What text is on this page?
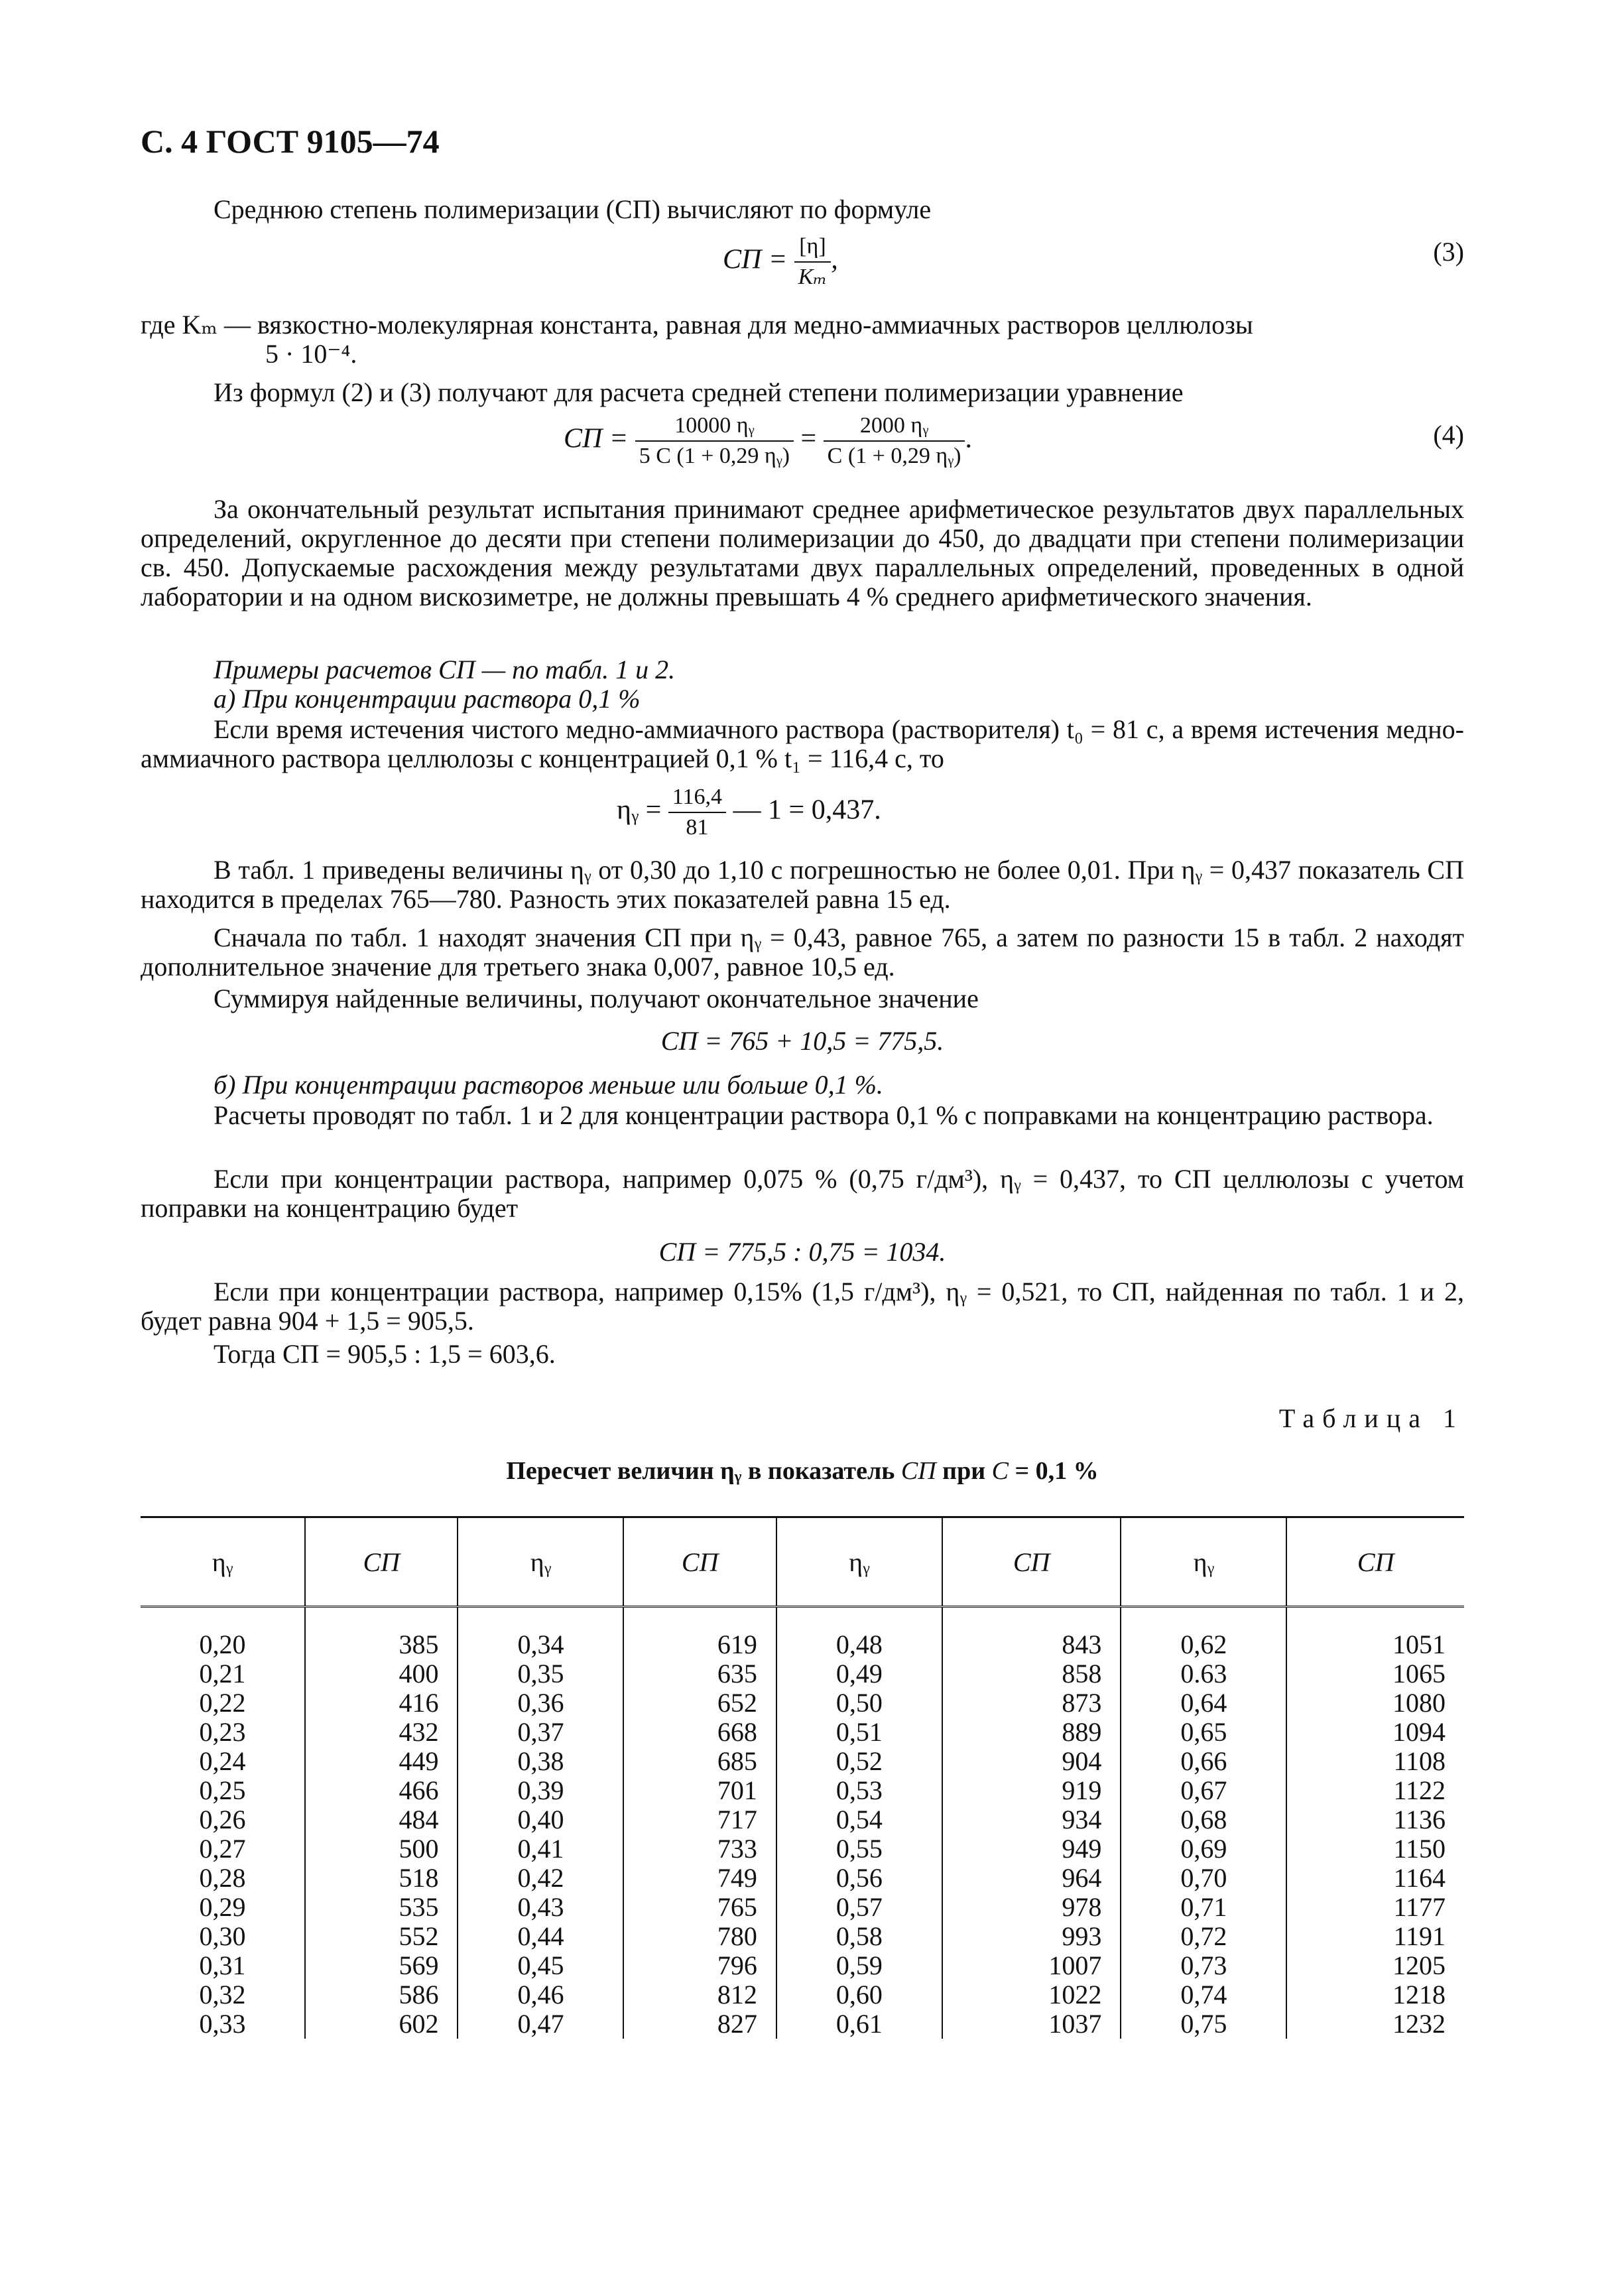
С. 4 ГОСТ 9105—74
Среднюю степень полимеризации (СП) вычисляют по формуле
СП = $\frac{[\eta]}{\text{Kₘ}}$ ,	(3)
где Kₘ — вязкостно-молекулярная константа, равная для медно-аммиачных растворов целлюлозы
5 · 10⁻⁴.
Из формул (2) и (3) получают для расчета средней степени полимеризации уравнение
СП = $\frac{\text{10000 ηᵧ}}{\text{5 C (1 + 0,29 ηᵧ)}} = \frac{\text{2000 ηᵧ}}{\text{C (1 + 0,29 ηᵧ)}}$ .	(4)
За окончательный результат испытания принимают среднее арифметическое результатов двух параллельных определений, округленное до десяти при степени полимеризации до 450, до двадцати при степени полимеризации св. 450. Допускаемые расхождения между результатами двух параллельных определений, проведенных в одной лаборатории и на одном вискозиметре, не должны превышать 4 % среднего арифметического значения.
Примеры расчетов СП — по табл. 1 и 2.
а) При концентрации раствора 0,1 %
Если время истечения чистого медно-аммиачного раствора (растворителя) t₀ = 81 с, а время истечения медно-аммиачного раствора целлюлозы с концентрацией 0,1 % t₁ = 116,4 с, то
ηᵧ = $\frac{116,4}{81}$ — 1 = 0,437.
В табл. 1 приведены величины ηᵧ от 0,30 до 1,10 с погрешностью не более 0,01. При ηᵧ = 0,437 показатель СП находится в пределах 765—780. Разность этих показателей равна 15 ед.
Сначала по табл. 1 находят значения СП при ηᵧ = 0,43, равное 765, а затем по разности 15 в табл. 2 находят дополнительное значение для третьего знака 0,007, равное 10,5 ед.
Суммируя найденные величины, получают окончательное значение
СП = 765 + 10,5 = 775,5.
б) При концентрации растворов меньше или больше 0,1 %.
Расчеты проводят по табл. 1 и 2 для концентрации раствора 0,1 % с поправками на концентрацию раствора.
Если при концентрации раствора, например 0,075 % (0,75 г/дм³), ηᵧ = 0,437, то СП целлюлозы с учетом поправки на концентрацию будет
СП = 775,5 : 0,75 = 1034.
Если при концентрации раствора, например 0,15% (1,5 г/дм³), ηᵧ = 0,521, то СП, найденная по табл. 1 и 2, будет равна 904 + 1,5 = 905,5.
Тогда СП = 905,5 : 1,5 = 603,6.
Таблица 1
Пересчет величин ηᵧ в показатель СП при C = 0,1 %
ηᵧ	СП	ηᵧ	СП	ηᵧ	СП	ηᵧ	СП
0,20	385	0,34	619	0,48	843	0,62	1051
0,21	400	0,35	635	0,49	858	0.63	1065
0,22	416	0,36	652	0,50	873	0,64	1080
0,23	432	0,37	668	0,51	889	0,65	1094
0,24	449	0,38	685	0,52	904	0,66	1108
0,25	466	0,39	701	0,53	919	0,67	1122
0,26	484	0,40	717	0,54	934	0,68	1136
0,27	500	0,41	733	0,55	949	0,69	1150
0,28	518	0,42	749	0,56	964	0,70	1164
0,29	535	0,43	765	0,57	978	0,71	1177
0,30	552	0,44	780	0,58	993	0,72	1191
0,31	569	0,45	796	0,59	1007	0,73	1205
0,32	586	0,46	812	0,60	1022	0,74	1218
0,33	602	0,47	827	0,61	1037	0,75	1232
